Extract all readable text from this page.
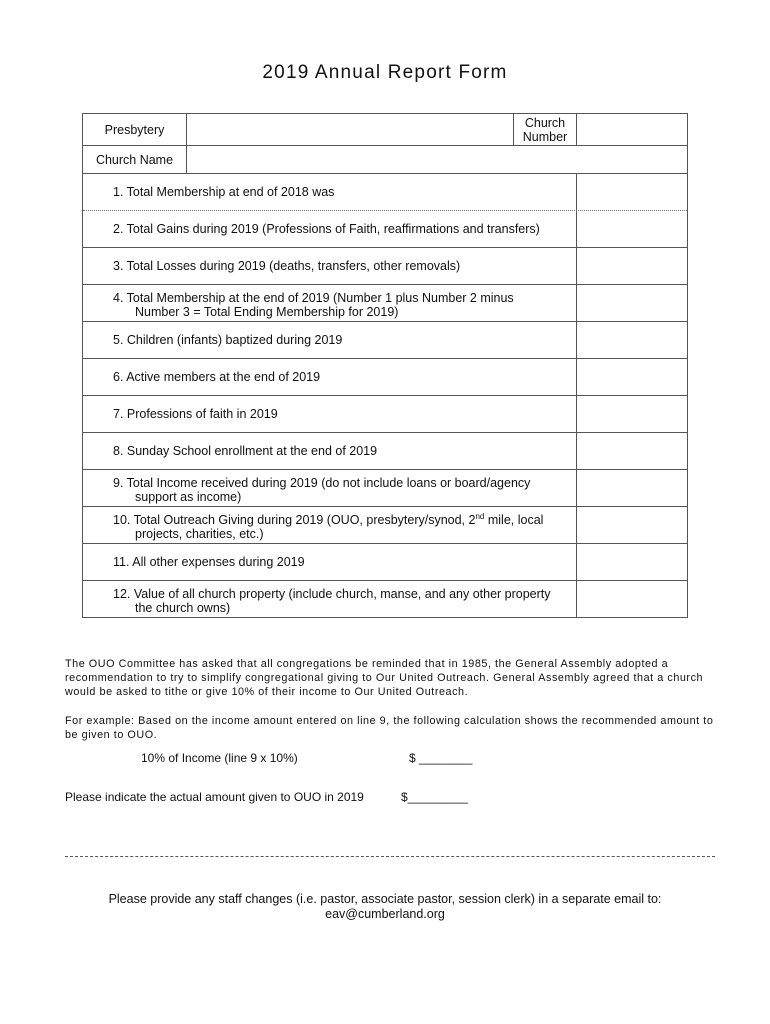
2019 Annual Report Form
Presbytery	Church Number
Church Name
1. Total Membership at end of 2018 was
2. Total Gains during 2019 (Professions of Faith, reaffirmations and transfers)
3. Total Losses during 2019 (deaths, transfers, other removals)
4. Total Membership at the end of 2019 (Number 1 plus Number 2 minus
Number 3 = Total Ending Membership for 2019)
5. Children (infants) baptized during 2019
6. Active members at the end of 2019
7. Professions of faith in 2019
8. Sunday School enrollment at the end of 2019
9. Total Income received during 2019 (do not include loans or board/agency
support as income)
10. Total Outreach Giving during 2019 (OUO, presbytery/synod, 2nd mile, local
projects, charities, etc.)
11. All other expenses during 2019
12. Value of all church property (include church, manse, and any other property
the church owns)
The OUO Committee has asked that all congregations be reminded that in 1985, the General Assembly adopted a recommendation to try to simplify congregational giving to Our United Outreach. General Assembly agreed that a church would be asked to tithe or give 10% of their income to Our United Outreach.
For example: Based on the income amount entered on line 9, the following calculation shows the recommended amount to be given to OUO.
10% of Income (line 9 x 10%)	$ ________
Please indicate the actual amount given to OUO in 2019	$_________
Please provide any staff changes (i.e. pastor, associate pastor, session clerk) in a separate email to:
eav@cumberland.org
